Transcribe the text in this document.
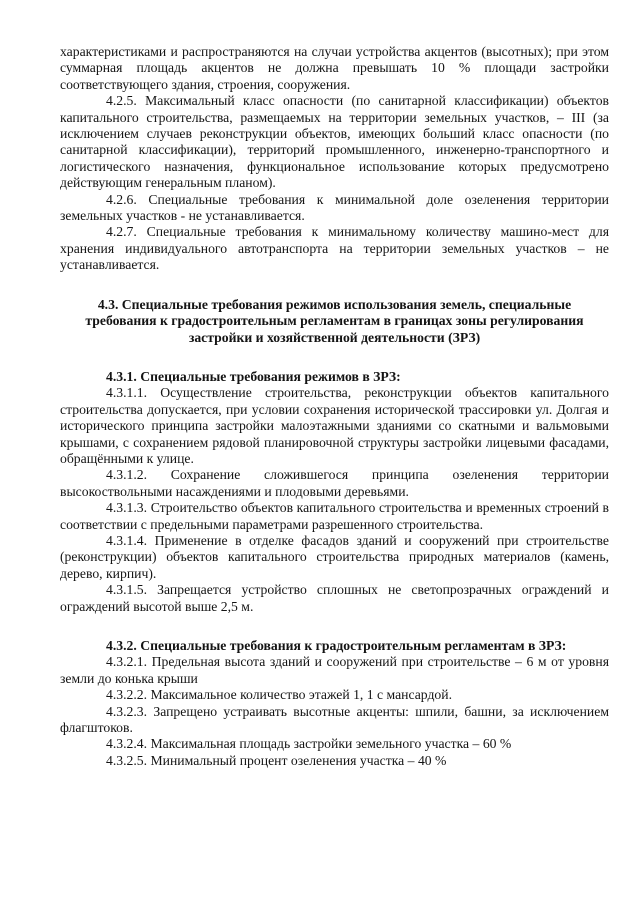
характеристиками и распространяются на случаи устройства акцентов (высотных); при этом суммарная площадь акцентов не должна превышать 10 % площади застройки соответствующего здания, строения, сооружения.

4.2.5. Максимальный класс опасности (по санитарной классификации) объектов капитального строительства, размещаемых на территории земельных участков, – III (за исключением случаев реконструкции объектов, имеющих больший класс опасности (по санитарной классификации), территорий промышленного, инженерно-транспортного и логистического назначения, функциональное использование которых предусмотрено действующим генеральным планом).

4.2.6. Специальные требования к минимальной доле озеленения территории земельных участков - не устанавливается.

4.2.7. Специальные требования к минимальному количеству машино-мест для хранения индивидуального автотранспорта на территории земельных участков – не устанавливается.

4.3. Специальные требования режимов использования земель, специальные требования к градостроительным регламентам в границах зоны регулирования застройки и хозяйственной деятельности (ЗРЗ)

4.3.1. Специальные требования режимов в ЗРЗ:

4.3.1.1. Осуществление строительства, реконструкции объектов капитального строительства допускается, при условии сохранения исторической трассировки ул. Долгая и исторического принципа застройки малоэтажными зданиями со скатными и вальмовыми крышами, с сохранением рядовой планировочной структуры застройки лицевыми фасадами, обращёнными к улице.

4.3.1.2. Сохранение сложившегося принципа озеленения территории высокоствольными насаждениями и плодовыми деревьями.

4.3.1.3. Строительство объектов капитального строительства и временных строений в соответствии с предельными параметрами разрешенного строительства.

4.3.1.4. Применение в отделке фасадов зданий и сооружений при строительстве (реконструкции) объектов капитального строительства природных материалов (камень, дерево, кирпич).

4.3.1.5. Запрещается устройство сплошных не светопрозрачных ограждений и ограждений высотой выше 2,5 м.

4.3.2. Специальные требования к градостроительным регламентам в ЗРЗ:

4.3.2.1. Предельная высота зданий и сооружений при строительстве – 6 м от уровня земли до конька крыши

4.3.2.2. Максимальное количество этажей 1, 1 с мансардой.

4.3.2.3. Запрещено устраивать высотные акценты: шпили, башни, за исключением флагштоков.

4.3.2.4. Максимальная площадь застройки земельного участка – 60 %

4.3.2.5. Минимальный процент озеленения участка – 40 %
